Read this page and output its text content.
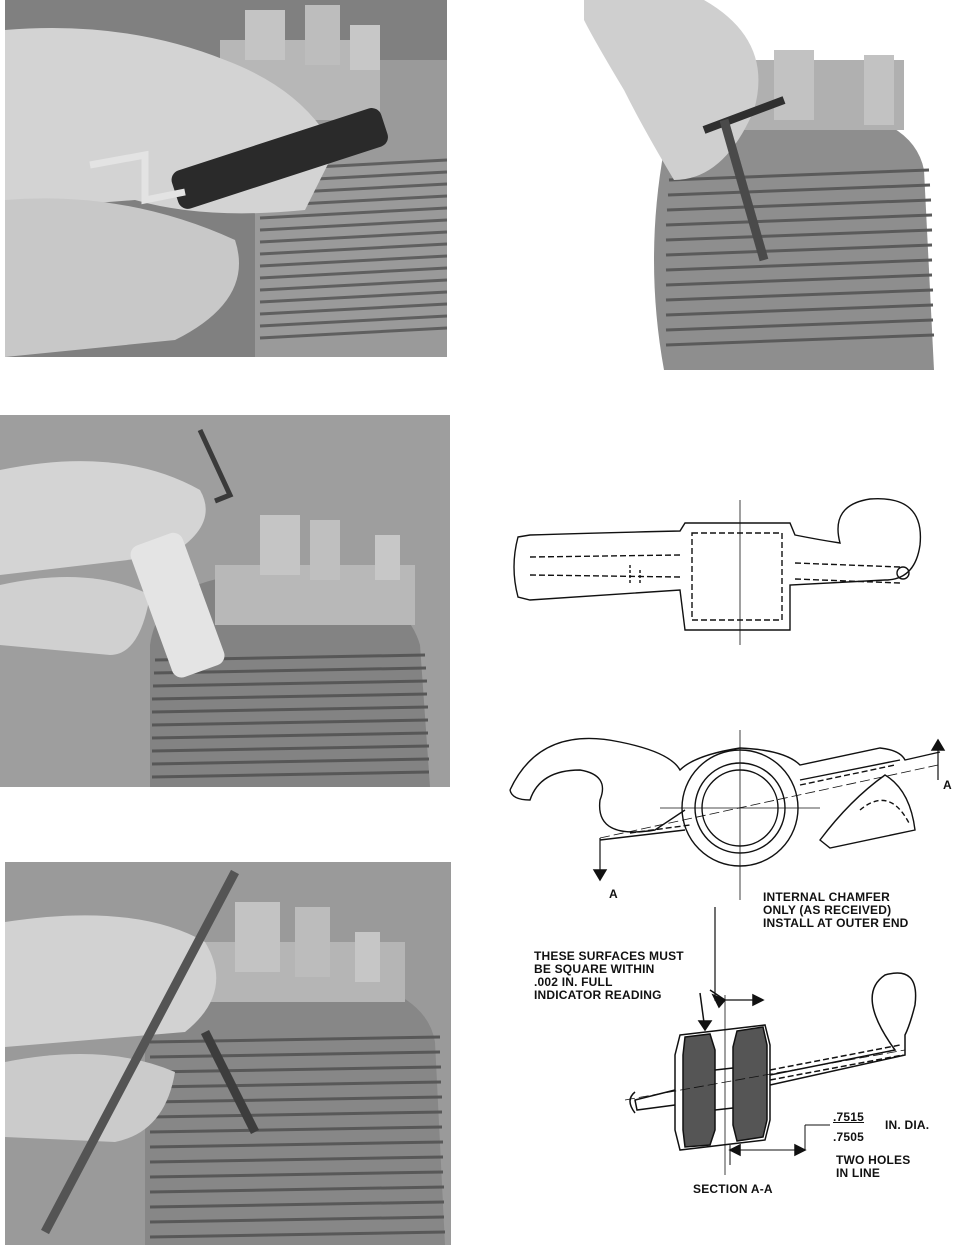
A
A	INTERNAL CHAMFER
ONLY (AS RECEIVED)
INSTALL AT OUTER END
THESE SURFACES MUST
BE SQUARE WITHIN
.002 IN. FULL
INDICATOR READING
.7515
.7505
IN. DIA.
TWO HOLES
IN LINE
SECTION A-A
